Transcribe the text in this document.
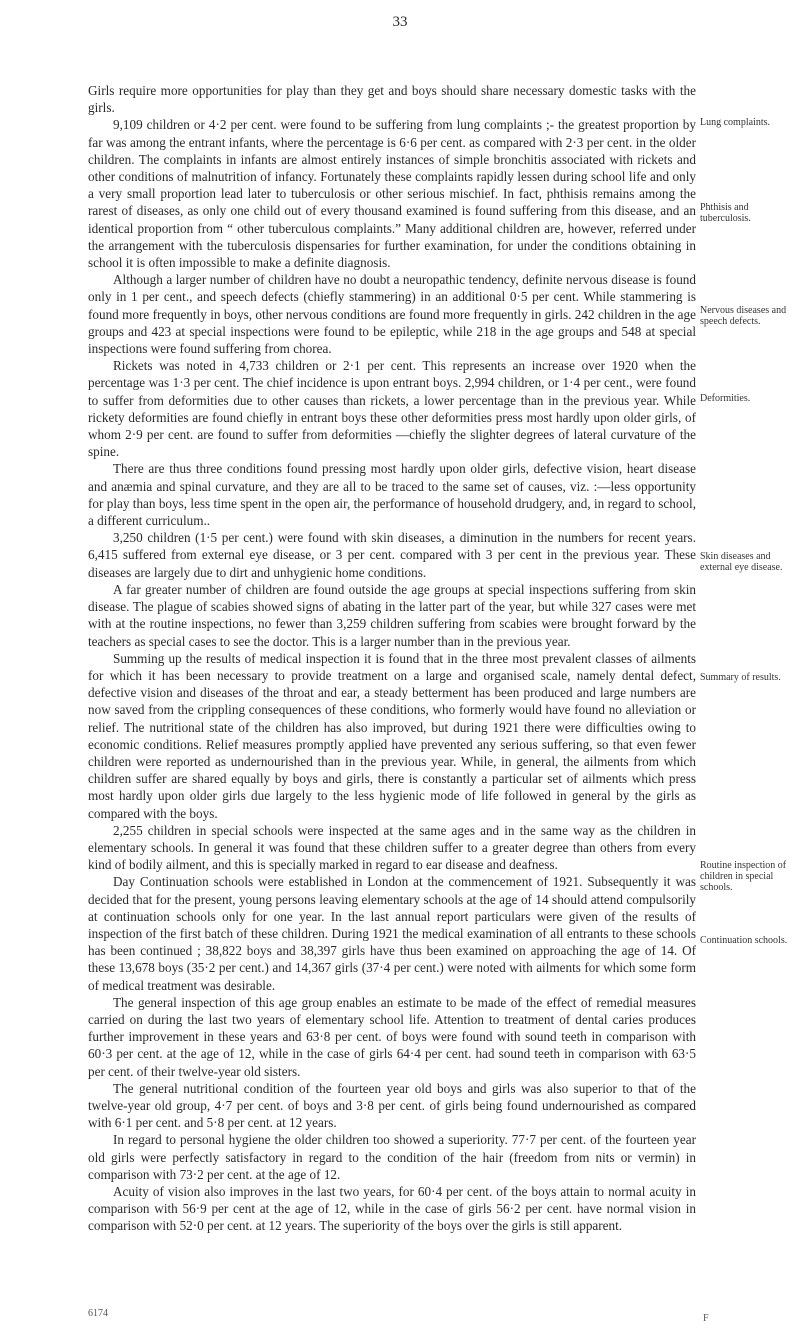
33

Girls require more opportunities for play than they get and boys should share necessary domestic tasks with the girls.

9,109 children or 4·2 per cent. were found to be suffering from lung complaints ;- the greatest proportion by far was among the entrant infants, where the percentage is 6·6 per cent. as compared with 2·3 per cent. in the older children. The complaints in infants are almost entirely instances of simple bronchitis associated with rickets and other conditions of malnutrition of infancy. Fortunately these complaints rapidly lessen during school life and only a very small proportion lead later to tuberculosis or other serious mischief. In fact, phthisis remains among the rarest of diseases, as only one child out of every thousand examined is found suffering from this disease, and an identical proportion from “ other tuberculous complaints.” Many additional children are, however, referred under the arrangement with the tuberculosis dispensaries for further examination, for under the conditions obtaining in school it is often impossible to make a definite diagnosis.

Although a larger number of children have no doubt a neuropathic tendency, definite nervous disease is found only in 1 per cent., and speech defects (chiefly stammering) in an additional 0·5 per cent. While stammering is found more frequently in boys, other nervous conditions are found more frequently in girls. 242 children in the age groups and 423 at special inspections were found to be epileptic, while 218 in the age groups and 548 at special inspections were found suffering from chorea.

Rickets was noted in 4,733 children or 2·1 per cent. This represents an increase over 1920 when the percentage was 1·3 per cent. The chief incidence is upon entrant boys. 2,994 children, or 1·4 per cent., were found to suffer from deformities due to other causes than rickets, a lower percentage than in the previous year. While rickety deformities are found chiefly in entrant boys these other deformities press most hardly upon older girls, of whom 2·9 per cent. are found to suffer from deformities —chiefly the slighter degrees of lateral curvature of the spine.

There are thus three conditions found pressing most hardly upon older girls, defective vision, heart disease and anæmia and spinal curvature, and they are all to be traced to the same set of causes, viz. :—less opportunity for play than boys, less time spent in the open air, the performance of household drudgery, and, in regard to school, a different curriculum..

3,250 children (1·5 per cent.) were found with skin diseases, a diminution in the numbers for recent years. 6,415 suffered from external eye disease, or 3 per cent. compared with 3 per cent in the previous year. These diseases are largely due to dirt and unhygienic home conditions.

A far greater number of children are found outside the age groups at special inspections suffering from skin disease. The plague of scabies showed signs of abating in the latter part of the year, but while 327 cases were met with at the routine inspections, no fewer than 3,259 children suffering from scabies were brought forward by the teachers as special cases to see the doctor. This is a larger number than in the previous year.

Summing up the results of medical inspection it is found that in the three most prevalent classes of ailments for which it has been necessary to provide treatment on a large and organised scale, namely dental defect, defective vision and diseases of the throat and ear, a steady betterment has been produced and large numbers are now saved from the crippling consequences of these conditions, who formerly would have found no alleviation or relief. The nutritional state of the children has also improved, but during 1921 there were difficulties owing to economic conditions. Relief measures promptly applied have prevented any serious suffering, so that even fewer children were reported as undernourished than in the previous year. While, in general, the ailments from which children suffer are shared equally by boys and girls, there is constantly a particular set of ailments which press most hardly upon older girls due largely to the less hygienic mode of life followed in general by the girls as compared with the boys.

2,255 children in special schools were inspected at the same ages and in the same way as the children in elementary schools. In general it was found that these children suffer to a greater degree than others from every kind of bodily ailment, and this is specially marked in regard to ear disease and deafness.

Day Continuation schools were established in London at the commencement of 1921. Subsequently it was decided that for the present, young persons leaving elementary schools at the age of 14 should attend compulsorily at continuation schools only for one year. In the last annual report particulars were given of the results of inspection of the first batch of these children. During 1921 the medical examination of all entrants to these schools has been continued ; 38,822 boys and 38,397 girls have thus been examined on approaching the age of 14. Of these 13,678 boys (35·2 per cent.) and 14,367 girls (37·4 per cent.) were noted with ailments for which some form of medical treatment was desirable.

The general inspection of this age group enables an estimate to be made of the effect of remedial measures carried on during the last two years of elementary school life. Attention to treatment of dental caries produces further improvement in these years and 63·8 per cent. of boys were found with sound teeth in comparison with 60·3 per cent. at the age of 12, while in the case of girls 64·4 per cent. had sound teeth in comparison with 63·5 per cent. of their twelve-year old sisters.

The general nutritional condition of the fourteen year old boys and girls was also superior to that of the twelve-year old group, 4·7 per cent. of boys and 3·8 per cent. of girls being found undernourished as compared with 6·1 per cent. and 5·8 per cent. at 12 years.

In regard to personal hygiene the older children too showed a superiority. 77·7 per cent. of the fourteen year old girls were perfectly satisfactory in regard to the condition of the hair (freedom from nits or vermin) in comparison with 73·2 per cent. at the age of 12.

Acuity of vision also improves in the last two years, for 60·4 per cent. of the boys attain to normal acuity in comparison with 56·9 per cent at the age of 12, while in the case of girls 56·2 per cent. have normal vision in comparison with 52·0 per cent. at 12 years. The superiority of the boys over the girls is still apparent.

Lung complaints.
Phthisis and tuberculosis.
Nervous diseases and speech defects.
Deformities.
Skin diseases and external eye disease.
Summary of results.
Routine inspection of children in special schools.
Continuation schools.
6174	F
